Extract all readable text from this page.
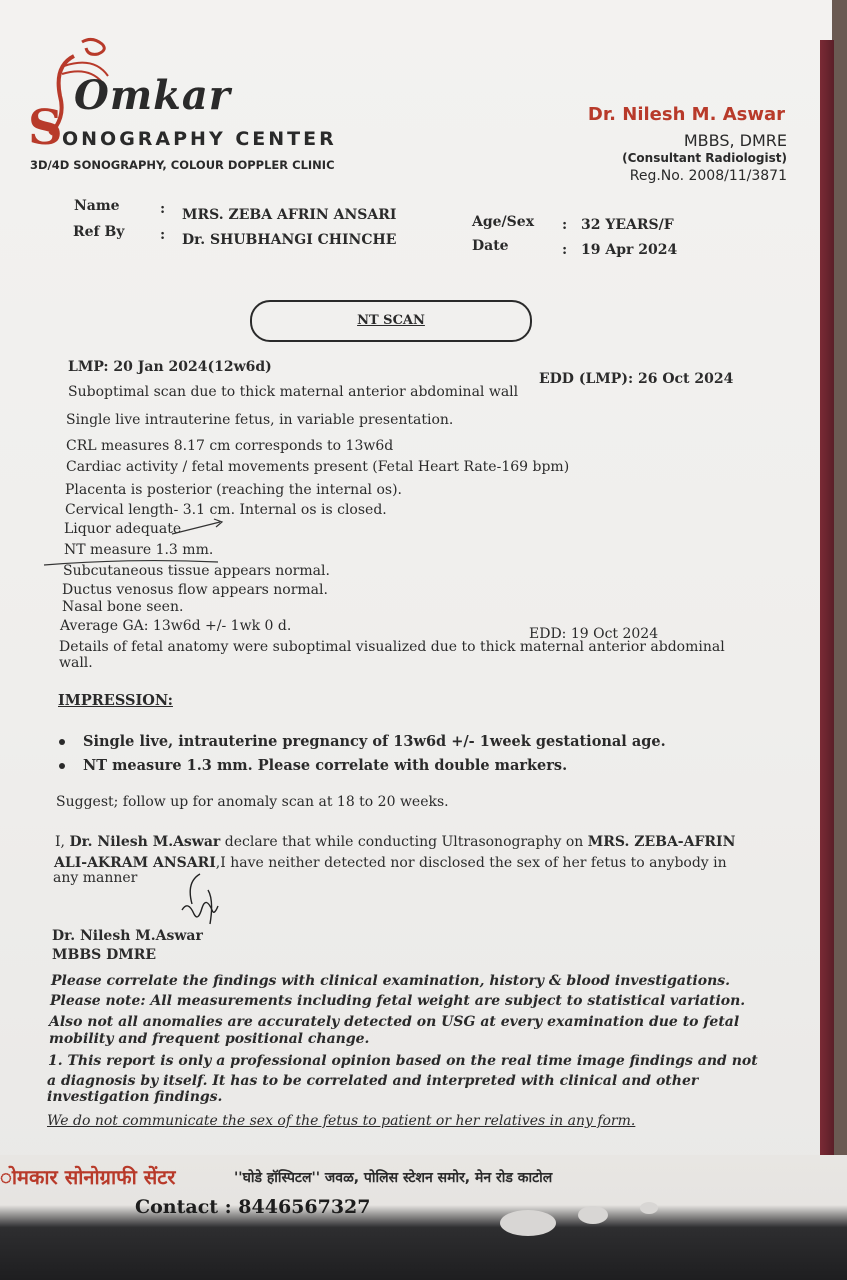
Omkar
S ONOGRAPHY CENTER
3D/4D SONOGRAPHY, COLOUR DOPPLER CLINIC
Dr. Nilesh M. Aswar
MBBS, DMRE
(Consultant Radiologist)
Reg.No. 2008/11/3871
Name	: MRS. ZEBA AFRIN ANSARI
Ref By	: Dr. SHUBHANGI CHINCHE
Age/Sex : 32 YEARS/F
Date	: 19 Apr 2024
NT SCAN
LMP: 20 Jan 2024(12w6d)
EDD (LMP): 26 Oct 2024
Suboptimal scan due to thick maternal anterior abdominal wall
Single live intrauterine fetus, in variable presentation.
CRL measures 8.17 cm corresponds to 13w6d
Cardiac activity / fetal movements present (Fetal Heart Rate-169 bpm)
Placenta is posterior (reaching the internal os).
Cervical length- 3.1 cm. Internal os is closed.
Liquor adequate
NT measure 1.3 mm.
Subcutaneous tissue appears normal.
Ductus venosus flow appears normal.
Nasal bone seen.
Average GA: 13w6d +/- 1wk 0 d.	EDD: 19 Oct 2024
Details of fetal anatomy were suboptimal visualized due to thick maternal anterior abdominal
wall.
IMPRESSION:
Single live, intrauterine pregnancy of 13w6d +/- 1week gestational age.
NT measure 1.3 mm. Please correlate with double markers.
Suggest; follow up for anomaly scan at 18 to 20 weeks.
I, Dr. Nilesh M.Aswar declare that while conducting Ultrasonography on MRS. ZEBA-AFRIN
ALI-AKRAM ANSARI,I have neither detected nor disclosed the sex of her fetus to anybody in
any manner
Dr. Nilesh M.Aswar
MBBS DMRE
Please correlate the findings with clinical examination, history & blood investigations.
Please note: All measurements including fetal weight are subject to statistical variation.
Also not all anomalies are accurately detected on USG at every examination due to fetal
mobility and frequent positional change.
1. This report is only a professional opinion based on the real time image findings and not
a diagnosis by itself. It has to be correlated and interpreted with clinical and other
investigation findings.
We do not communicate the sex of the fetus to patient or her relatives in any form.
ोमकार सोनोग्राफी सेंटर	''घोडे हॉस्पिटल'' जवळ, पोलिस स्टेशन समोर, मेन रोड काटोल
Contact : 8446567327
